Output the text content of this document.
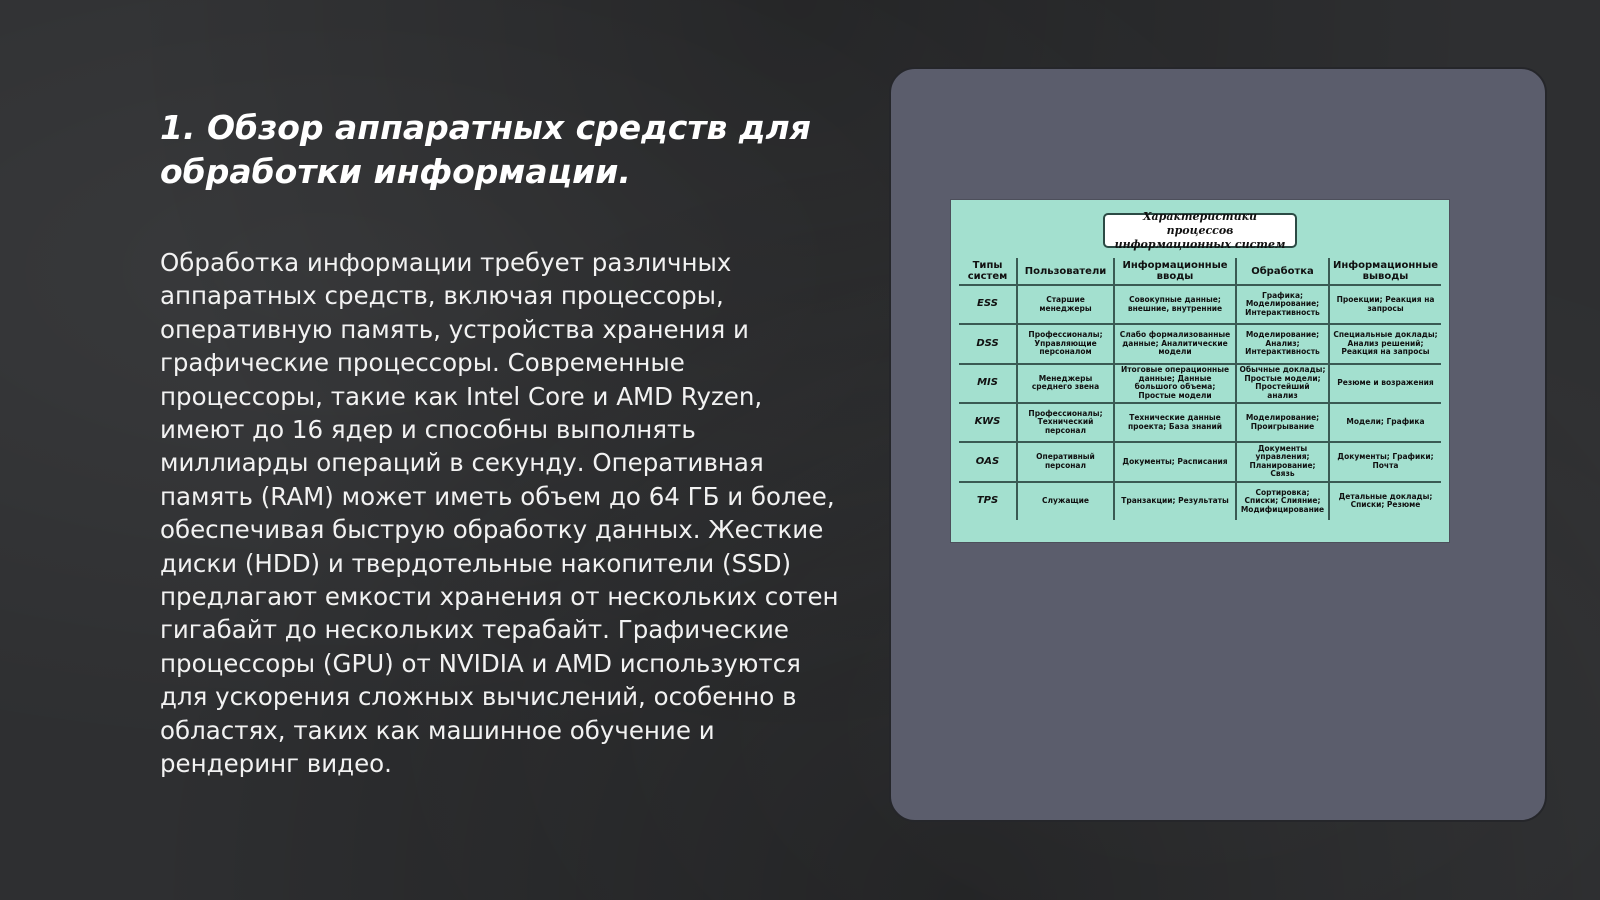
1. Обзор аппаратных средств для обработки информации.

Обработка информации требует различных аппаратных средств, включая процессоры, оперативную память, устройства хранения и графические процессоры. Современные процессоры, такие как Intel Core и AMD Ryzen, имеют до 16 ядер и способны выполнять миллиарды операций в секунду. Оперативная память (RAM) может иметь объем до 64 ГБ и более, обеспечивая быструю обработку данных. Жесткие диски (HDD) и твердотельные накопители (SSD) предлагают емкости хранения от нескольких сотен гигабайт до нескольких терабайт. Графические процессоры (GPU) от NVIDIA и AMD используются для ускорения сложных вычислений, особенно в областях, таких как машинное обучение и рендеринг видео.

Характеристики процессов информационных систем
Типы систем	Пользователи	Информационные вводы	Обработка	Информационные выводы
ESS	Старшие менеджеры	Совокупные данные; внешние, внутренние	Графика; Моделирование; Интерактивность	Проекции; Реакция на запросы
DSS	Профессионалы; Управляющие персоналом	Слабо формализованные данные; Аналитические модели	Моделирование; Анализ; Интерактивность	Специальные доклады; Анализ решений; Реакция на запросы
MIS	Менеджеры среднего звена	Итоговые операционные данные; Данные большого объема; Простые модели	Обычные доклады; Простые модели; Простейший анализ	Резюме и возражения
KWS	Профессионалы; Технический персонал	Технические данные проекта; База знаний	Моделирование; Проигрывание	Модели; Графика
OAS	Оперативный персонал	Документы; Расписания	Документы управления; Планирование; Связь	Документы; Графики; Почта
TPS	Служащие	Транзакции; Результаты	Сортировка; Списки; Слияние; Модифицирование	Детальные доклады; Списки; Резюме
